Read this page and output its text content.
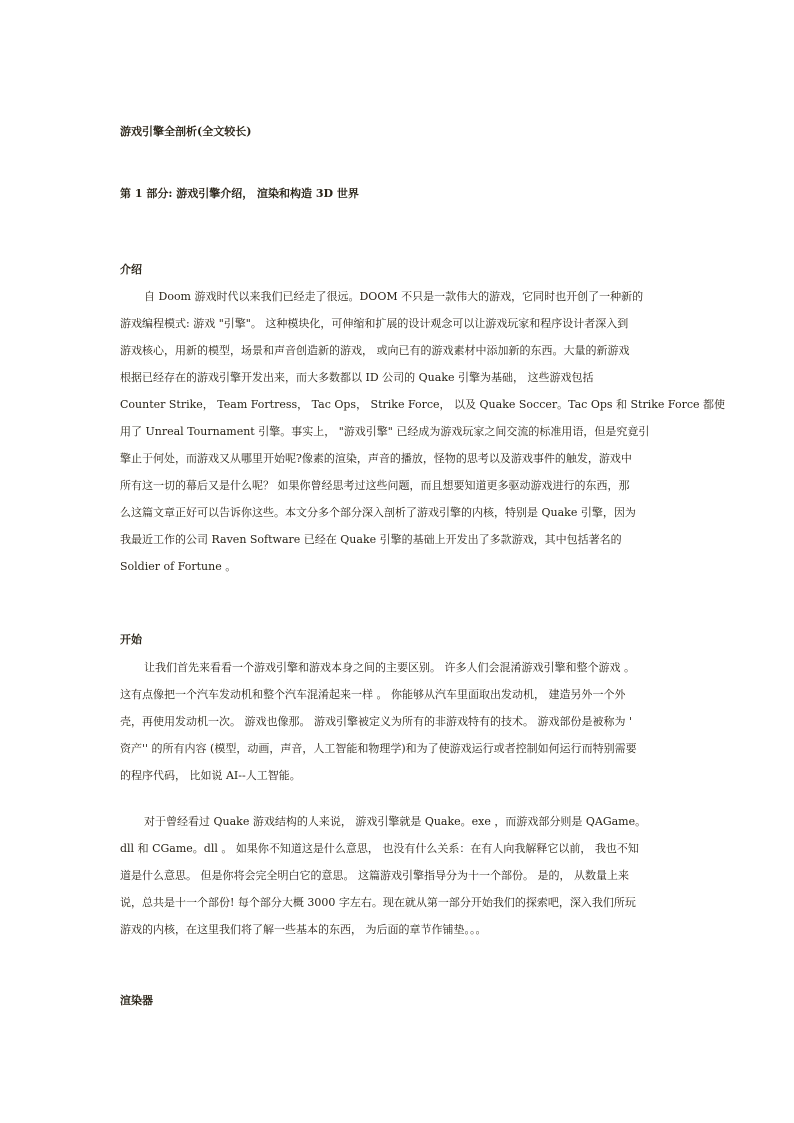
游戏引擎全剖析(全文较长)
第 1 部分: 游戏引擎介绍， 渲染和构造 3D 世界
介绍

自 Doom 游戏时代以来我们已经走了很远。DOOM 不只是一款伟大的游戏，它同时也开创了一种新的
游戏编程模式: 游戏 "引擎"。 这种模块化，可伸缩和扩展的设计观念可以让游戏玩家和程序设计者深入到
游戏核心，用新的模型，场景和声音创造新的游戏， 或向已有的游戏素材中添加新的东西。大量的新游戏
根据已经存在的游戏引擎开发出来，而大多数都以 ID 公司的 Quake 引擎为基础， 这些游戏包括
Counter Strike， Team Fortress， Tac Ops， Strike Force， 以及 Quake Soccer。Tac Ops 和 Strike Force 都使
用了 Unreal Tournament 引擎。事实上， "游戏引擎" 已经成为游戏玩家之间交流的标准用语，但是究竟引
擎止于何处，而游戏又从哪里开始呢?像素的渲染，声音的播放，怪物的思考以及游戏事件的触发，游戏中
所有这一切的幕后又是什么呢？ 如果你曾经思考过这些问题，而且想要知道更多驱动游戏进行的东西，那
么这篇文章正好可以告诉你这些。本文分多个部分深入剖析了游戏引擎的内核，特别是 Quake 引擎，因为
我最近工作的公司 Raven Software 已经在 Quake 引擎的基础上开发出了多款游戏，其中包括著名的
Soldier of Fortune 。

开始

让我们首先来看看一个游戏引擎和游戏本身之间的主要区别。 许多人们会混淆游戏引擎和整个游戏 。
这有点像把一个汽车发动机和整个汽车混淆起来一样 。 你能够从汽车里面取出发动机， 建造另外一个外
壳，再使用发动机一次。 游戏也像那。 游戏引擎被定义为所有的非游戏特有的技术。 游戏部份是被称为 '
资产'' 的所有内容 (模型，动画，声音，人工智能和物理学)和为了使游戏运行或者控制如何运行而特别需要
的程序代码， 比如说 AI--人工智能。

对于曾经看过 Quake 游戏结构的人来说， 游戏引擎就是 Quake。exe ，而游戏部分则是 QAGame。
dll 和 CGame。dll 。 如果你不知道这是什么意思， 也没有什么关系：在有人向我解释它以前， 我也不知
道是什么意思。 但是你将会完全明白它的意思。 这篇游戏引擎指导分为十一个部份。 是的， 从数量上来
说，总共是十一个部份! 每个部分大概 3000 字左右。现在就从第一部分开始我们的探索吧，深入我们所玩
游戏的内核，在这里我们将了解一些基本的东西， 为后面的章节作铺垫。。。

渲染器
